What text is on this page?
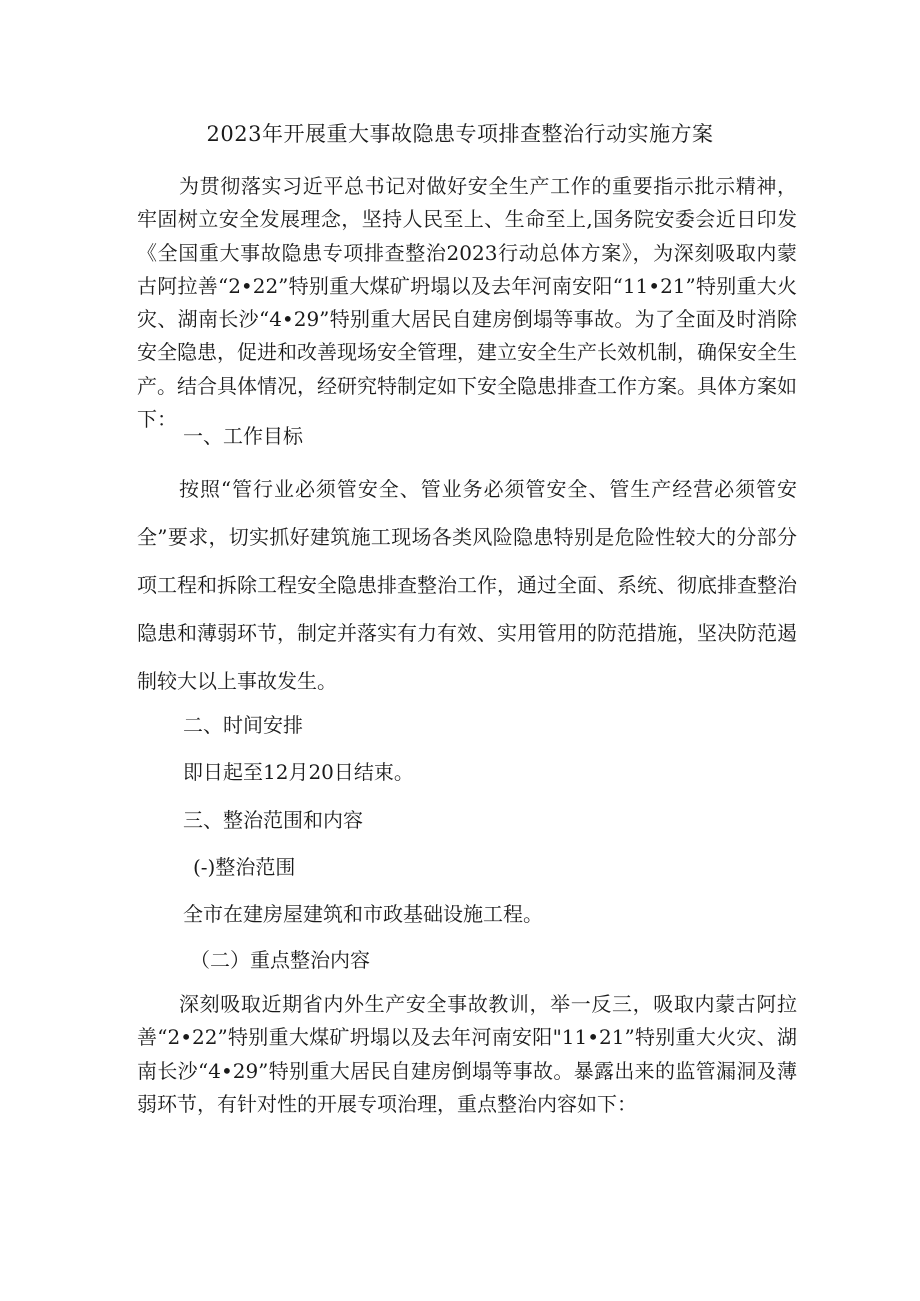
2023年开展重大事故隐患专项排查整治行动实施方案

为贯彻落实习近平总书记对做好安全生产工作的重要指示批示精神，牢固树立安全发展理念，坚持人民至上、生命至上,国务院安委会近日印发《全国重大事故隐患专项排查整治2023行动总体方案》，为深刻吸取内蒙古阿拉善“2•22”特别重大煤矿坍塌以及去年河南安阳“11•21”特别重大火灾、湖南长沙“4•29”特别重大居民自建房倒塌等事故。为了全面及时消除安全隐患，促进和改善现场安全管理，建立安全生产长效机制，确保安全生产。结合具体情况，经研究特制定如下安全隐患排查工作方案。具体方案如下：

一、工作目标

按照“管行业必须管安全、管业务必须管安全、管生产经营必须管安全”要求，切实抓好建筑施工现场各类风险隐患特别是危险性较大的分部分项工程和拆除工程安全隐患排查整治工作，通过全面、系统、彻底排查整治隐患和薄弱环节，制定并落实有力有效、实用管用的防范措施，坚决防范遏制较大以上事故发生。

二、时间安排

即日起至12月20日结束。

三、整治范围和内容

(-)整治范围

全市在建房屋建筑和市政基础设施工程。

（二）重点整治内容

深刻吸取近期省内外生产安全事故教训，举一反三，吸取内蒙古阿拉善“2•22”特别重大煤矿坍塌以及去年河南安阳"11•21”特别重大火灾、湖南长沙“4•29”特别重大居民自建房倒塌等事故。暴露出来的监管漏洞及薄弱环节，有针对性的开展专项治理，重点整治内容如下：
